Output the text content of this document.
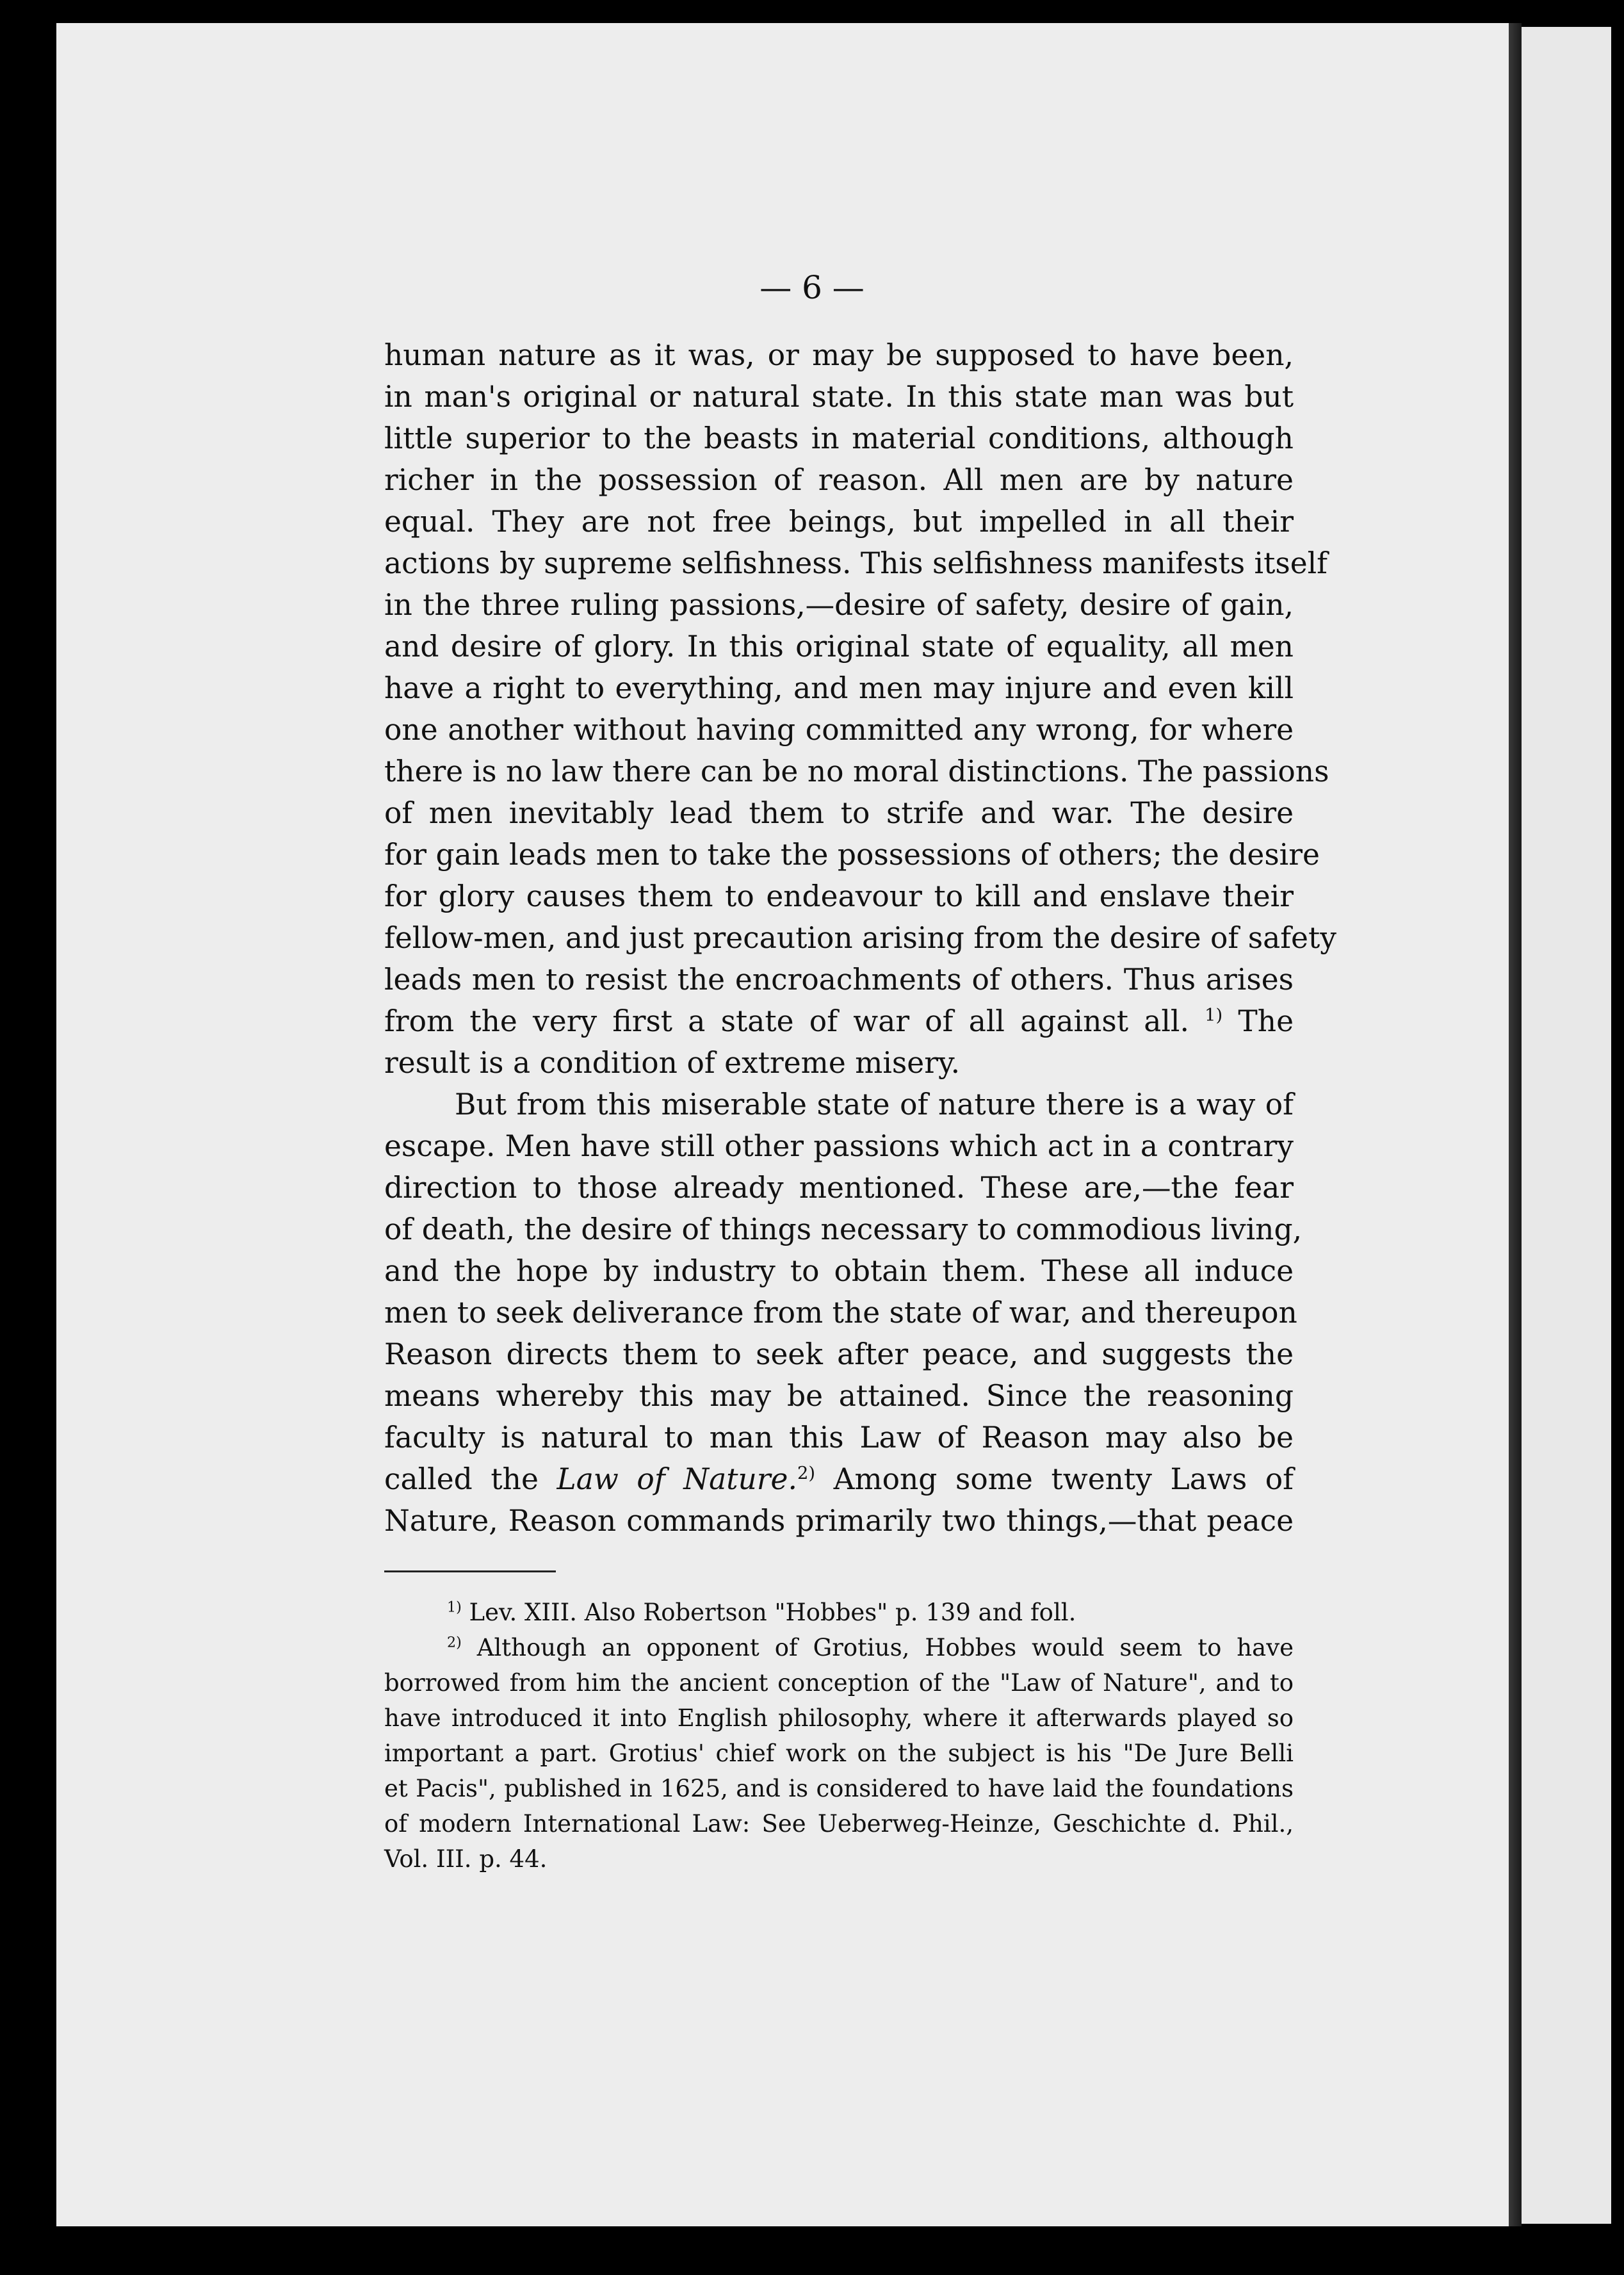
— 6 —
human nature as it was, or may be supposed to have been,
in man's original or natural state. In this state man was but
little superior to the beasts in material conditions, although
richer in the possession of reason. All men are by nature
equal. They are not free beings, but impelled in all their
actions by supreme selfishness. This selfishness manifests itself
in the three ruling passions,—desire of safety, desire of gain,
and desire of glory. In this original state of equality, all men
have a right to everything, and men may injure and even kill
one another without having committed any wrong, for where
there is no law there can be no moral distinctions. The passions
of men inevitably lead them to strife and war. The desire
for gain leads men to take the possessions of others; the desire
for glory causes them to endeavour to kill and enslave their
fellow-men, and just precaution arising from the desire of safety
leads men to resist the encroachments of others. Thus arises
from the very first a state of war of all against all. $^{1)}$ The
result is a condition of extreme misery.
But from this miserable state of nature there is a way of
escape. Men have still other passions which act in a contrary
direction to those already mentioned. These are,—the fear
of death, the desire of things necessary to commodious living,
and the hope by industry to obtain them. These all induce
men to seek deliverance from the state of war, and thereupon
Reason directs them to seek after peace, and suggests the
means whereby this may be attained. Since the reasoning
faculty is natural to man this Law of Reason may also be
called the Law of Nature.$^{2)}$ Among some twenty Laws of
Nature, Reason commands primarily two things,—that peace
$^{1)}$ Lev. XIII. Also Robertson "Hobbes" p. 139 and foll.
$^{2)}$ Although an opponent of Grotius, Hobbes would seem to have
borrowed from him the ancient conception of the "Law of Nature", and to
have introduced it into English philosophy, where it afterwards played so
important a part. Grotius' chief work on the subject is his "De Jure Belli
et Pacis", published in 1625, and is considered to have laid the foundations
of modern International Law: See Ueberweg-Heinze, Geschichte d. Phil.,
Vol. III. p. 44.
